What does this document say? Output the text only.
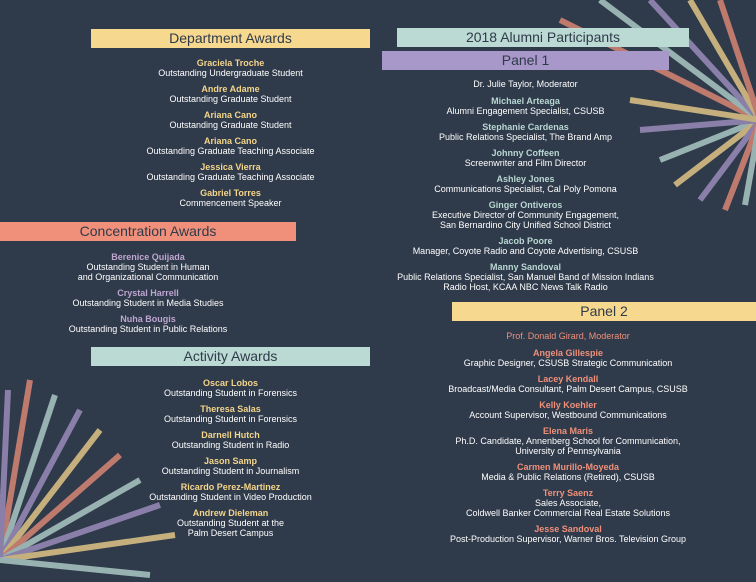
Department Awards
Graciela Troche
Outstanding Undergraduate Student
Andre Adame
Outstanding Graduate Student
Ariana Cano
Outstanding Graduate Student
Ariana Cano
Outstanding Graduate Teaching Associate
Jessica Vierra
Outstanding Graduate Teaching Associate
Gabriel Torres
Commencement Speaker
Concentration Awards
Berenice Quijada
Outstanding Student in Human
and Organizational Communication
Crystal Harrell
Outstanding Student in Media Studies
Nuha Bougis
Outstanding Student in Public Relations
Activity Awards
Oscar Lobos
Outstanding Student in Forensics
Theresa Salas
Outstanding Student in Forensics
Darnell Hutch
Outstanding Student in Radio
Jason Samp
Outstanding Student in Journalism
Ricardo Perez-Martinez
Outstanding Student in Video Production
Andrew Dieleman
Outstanding Student at the
Palm Desert Campus
2018 Alumni Participants
Panel 1
Dr. Julie Taylor, Moderator
Michael Arteaga
Alumni Engagement Specialist, CSUSB
Stephanie Cardenas
Public Relations Specialist, The Brand Amp
Johnny Coffeen
Screenwriter and Film Director
Ashley Jones
Communications Specialist, Cal Poly Pomona
Ginger Ontiveros
Executive Director of Community Engagement,
San Bernardino City Unified School District
Jacob Poore
Manager, Coyote Radio and Coyote Advertising, CSUSB
Manny Sandoval
Public Relations Specialist, San Manuel Band of Mission Indians
Radio Host, KCAA NBC News Talk Radio
Panel 2
Prof. Donald Girard, Moderator
Angela Gillespie
Graphic Designer, CSUSB Strategic Communication
Lacey Kendall
Broadcast/Media Consultant, Palm Desert Campus, CSUSB
Kelly Koehler
Account Supervisor, Westbound Communications
Elena Maris
Ph.D. Candidate, Annenberg School for Communication,
University of Pennsylvania
Carmen Murillo-Moyeda
Media & Public Relations (Retired), CSUSB
Terry Saenz
Sales Associate,
Coldwell Banker Commercial Real Estate Solutions
Jesse Sandoval
Post-Production Supervisor, Warner Bros. Television Group
